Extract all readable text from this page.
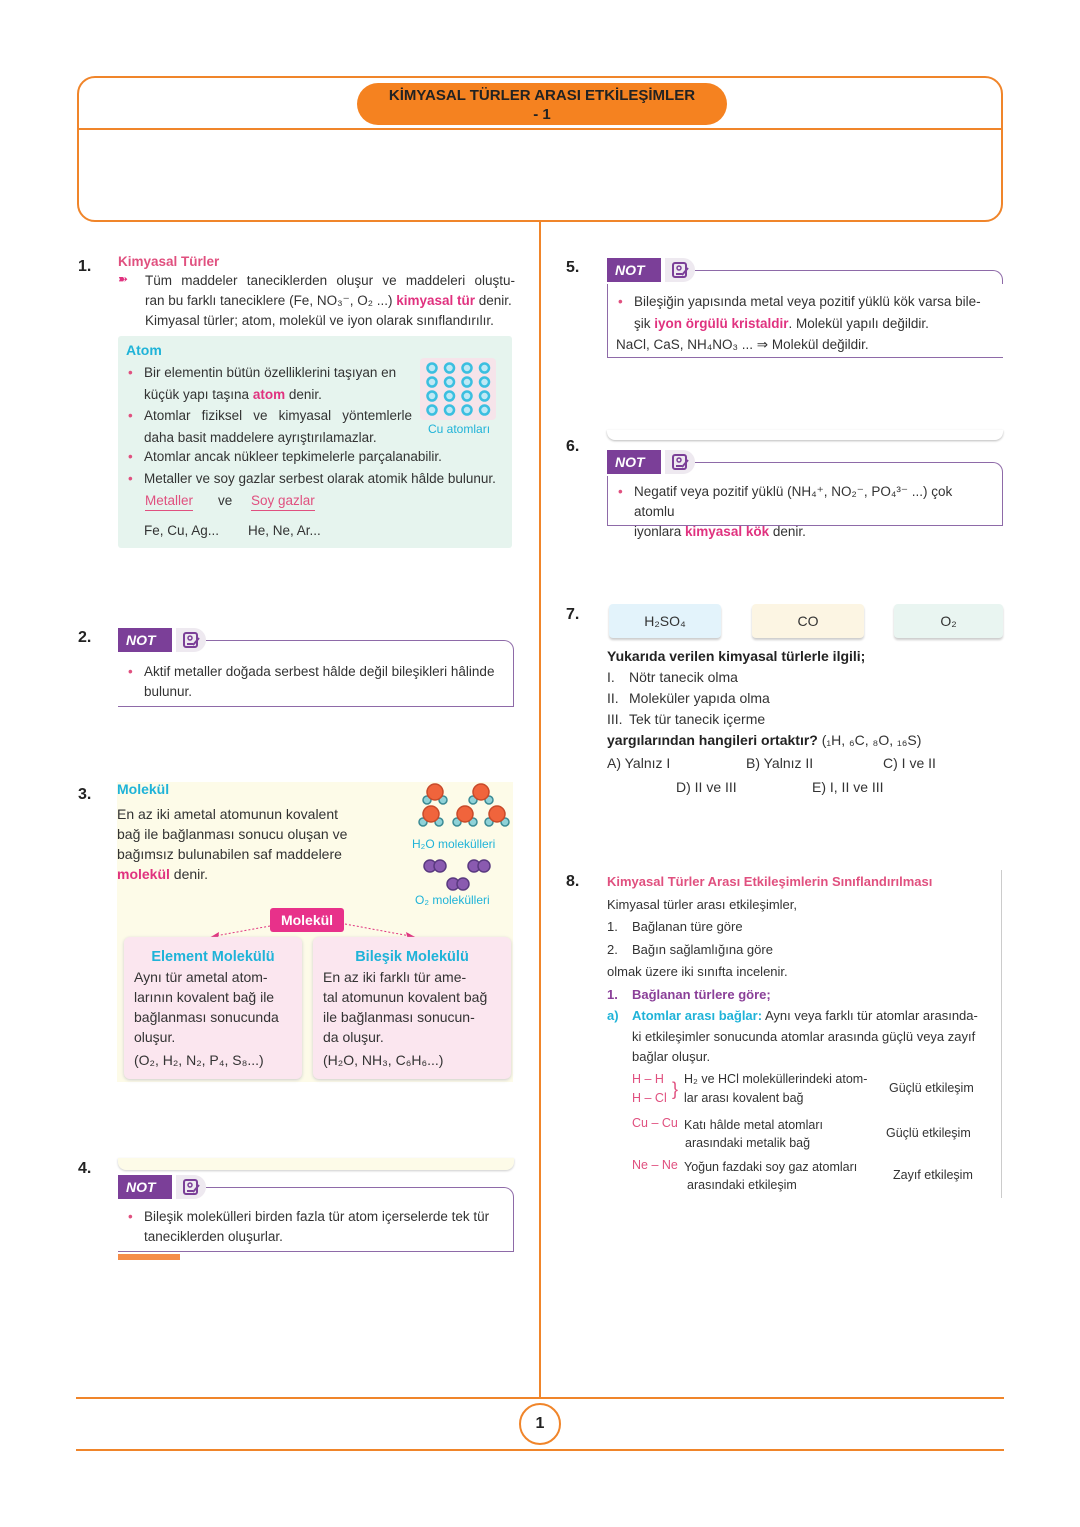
KİMYASAL TÜRLER ARASI ETKİLEŞİMLER
- 1
1. Kimyasal Türler
➽ Tüm maddeler taneciklerden oluşur ve maddeleri oluştu-
ran bu farklı taneciklere (Fe, NO₃⁻, O₂ ...) kimyasal tür denir.
Kimyasal türler; atom, molekül ve iyon olarak sınıflandırılır.
Atom
• Bir elementin bütün özelliklerini taşıyan en
küçük yapı taşına atom denir.
• Atomlar fiziksel ve kimyasal yöntemlerle
daha basit maddelere ayrıştırılamazlar.
• Atomlar ancak nükleer tepkimelerle parçalanabilir.
• Metaller ve soy gazlar serbest olarak atomik hâlde bulunur.
Metaller ve Soy gazlar
Fe, Cu, Ag... He, Ne, Ar...
Cu atomları
2.	NOT
• Aktif metaller doğada serbest hâlde değil bileşikleri hâlinde
bulunur.
3. Molekül
En az iki ametal atomunun kovalent
bağ ile bağlanması sonucu oluşan ve
bağımsız bulunabilen saf maddelere
molekül denir.
H₂O molekülleri
O₂ molekülleri
Molekül
Element Molekülü
Aynı tür ametal atom-
larının kovalent bağ ile
bağlanması sonucunda
oluşur.
(O₂, H₂, N₂, P₄, S₈...)
Bileşik Molekülü
En az iki farklı tür ame-
tal atomunun kovalent bağ
ile bağlanması sonucun-
da oluşur.
(H₂O, NH₃, C₆H₆...)
4.
NOT
• Bileşik molekülleri birden fazla tür atom içerselerde tek tür
taneciklerden oluşurlar.
5.	NOT
• Bileşiğin yapısında metal veya pozitif yüklü kök varsa bile-
şik iyon örgülü kristaldir. Molekül yapılı değildir.
NaCl, CaS, NH₄NO₃ ... ⇒ Molekül değildir.
6.
NOT
• Negatif veya pozitif yüklü (NH₄⁺, NO₂⁻, PO₄³⁻ ...) çok atomlu
iyonlara kimyasal kök denir.
7.	H₂SO₄	CO	O₂
Yukarıda verilen kimyasal türlerle ilgili;
I. Nötr tanecik olma
II. Moleküler yapıda olma
III. Tek tür tanecik içerme
yargılarından hangileri ortaktır? (₁H, ₆C, ₈O, ₁₆S)
A) Yalnız I	B) Yalnız II	C) I ve II
D) II ve III	E) I, II ve III
8. Kimyasal Türler Arası Etkileşimlerin Sınıflandırılması
Kimyasal türler arası etkileşimler,
1. Bağlanan türe göre
2. Bağın sağlamlığına göre
olmak üzere iki sınıfta incelenir.
1. Bağlanan türlere göre;
a) Atomlar arası bağlar: Aynı veya farklı tür atomlar arasında-
ki etkileşimler sonucunda atomlar arasında güçlü veya zayıf
bağlar oluşur.
H – H
H – Cl } H₂ ve HCl moleküllerindeki atom-
lar arası kovalent bağ
Güçlü etkileşim
Cu – Cu Katı hâlde metal atomları
arasındaki metalik bağ
Güçlü etkileşim
Ne – Ne Yoğun fazdaki soy gaz atomları
arasındaki etkileşim
Zayıf etkileşim
1
